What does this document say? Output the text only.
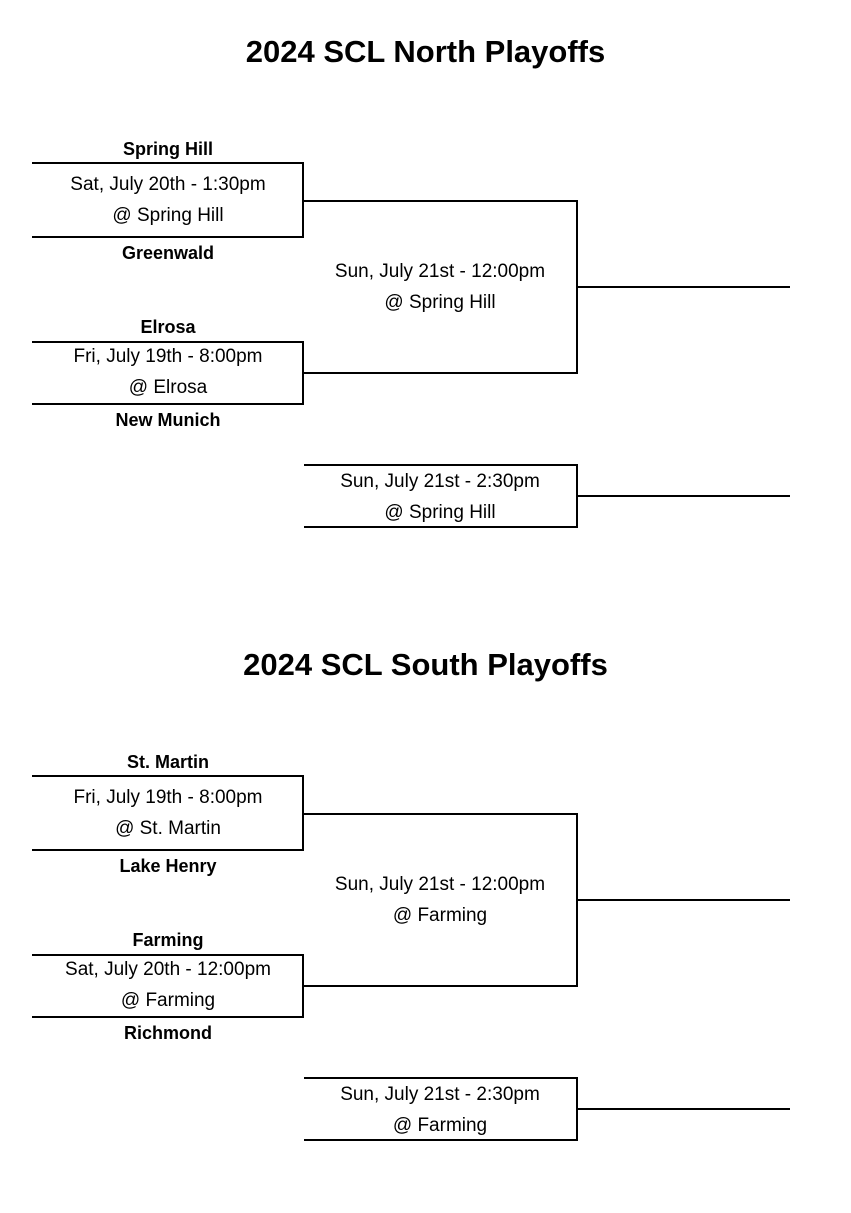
2024 SCL North Playoffs
Spring Hill
Sat, July 20th - 1:30pm
@ Spring Hill
Greenwald
Elrosa
Fri, July 19th - 8:00pm
@ Elrosa
New Munich
Sun, July 21st - 12:00pm
@ Spring Hill
Sun, July 21st - 2:30pm
@ Spring Hill
2024 SCL South Playoffs
St. Martin
Fri, July 19th - 8:00pm
@ St. Martin
Lake Henry
Farming
Sat, July 20th - 12:00pm
@ Farming
Richmond
Sun, July 21st - 12:00pm
@ Farming
Sun, July 21st - 2:30pm
@ Farming
